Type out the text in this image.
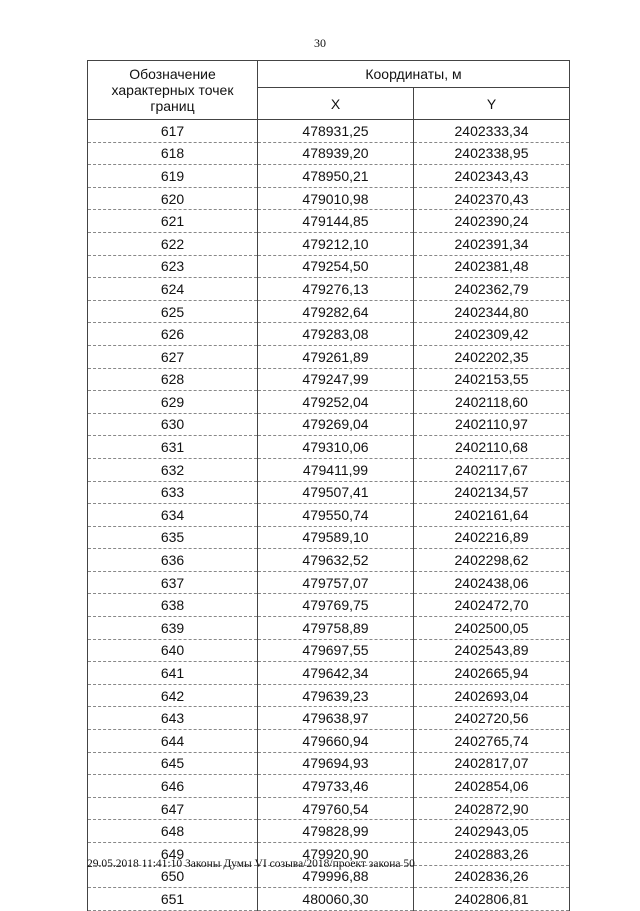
30
Обозначение
характерных точек
границ	Координаты, м	
	X	Y
617	478931,25	2402333,34
618	478939,20	2402338,95
619	478950,21	2402343,43
620	479010,98	2402370,43
621	479144,85	2402390,24
622	479212,10	2402391,34
623	479254,50	2402381,48
624	479276,13	2402362,79
625	479282,64	2402344,80
626	479283,08	2402309,42
627	479261,89	2402202,35
628	479247,99	2402153,55
629	479252,04	2402118,60
630	479269,04	2402110,97
631	479310,06	2402110,68
632	479411,99	2402117,67
633	479507,41	2402134,57
634	479550,74	2402161,64
635	479589,10	2402216,89
636	479632,52	2402298,62
637	479757,07	2402438,06
638	479769,75	2402472,70
639	479758,89	2402500,05
640	479697,55	2402543,89
641	479642,34	2402665,94
642	479639,23	2402693,04
643	479638,97	2402720,56
644	479660,94	2402765,74
645	479694,93	2402817,07
646	479733,46	2402854,06
647	479760,54	2402872,90
648	479828,99	2402943,05
649	479920,90	2402883,26
650	479996,88	2402836,26
651	480060,30	2402806,81
29.05.2018 11:41:10 Законы Думы VI созыва/2018/проект закона 50
